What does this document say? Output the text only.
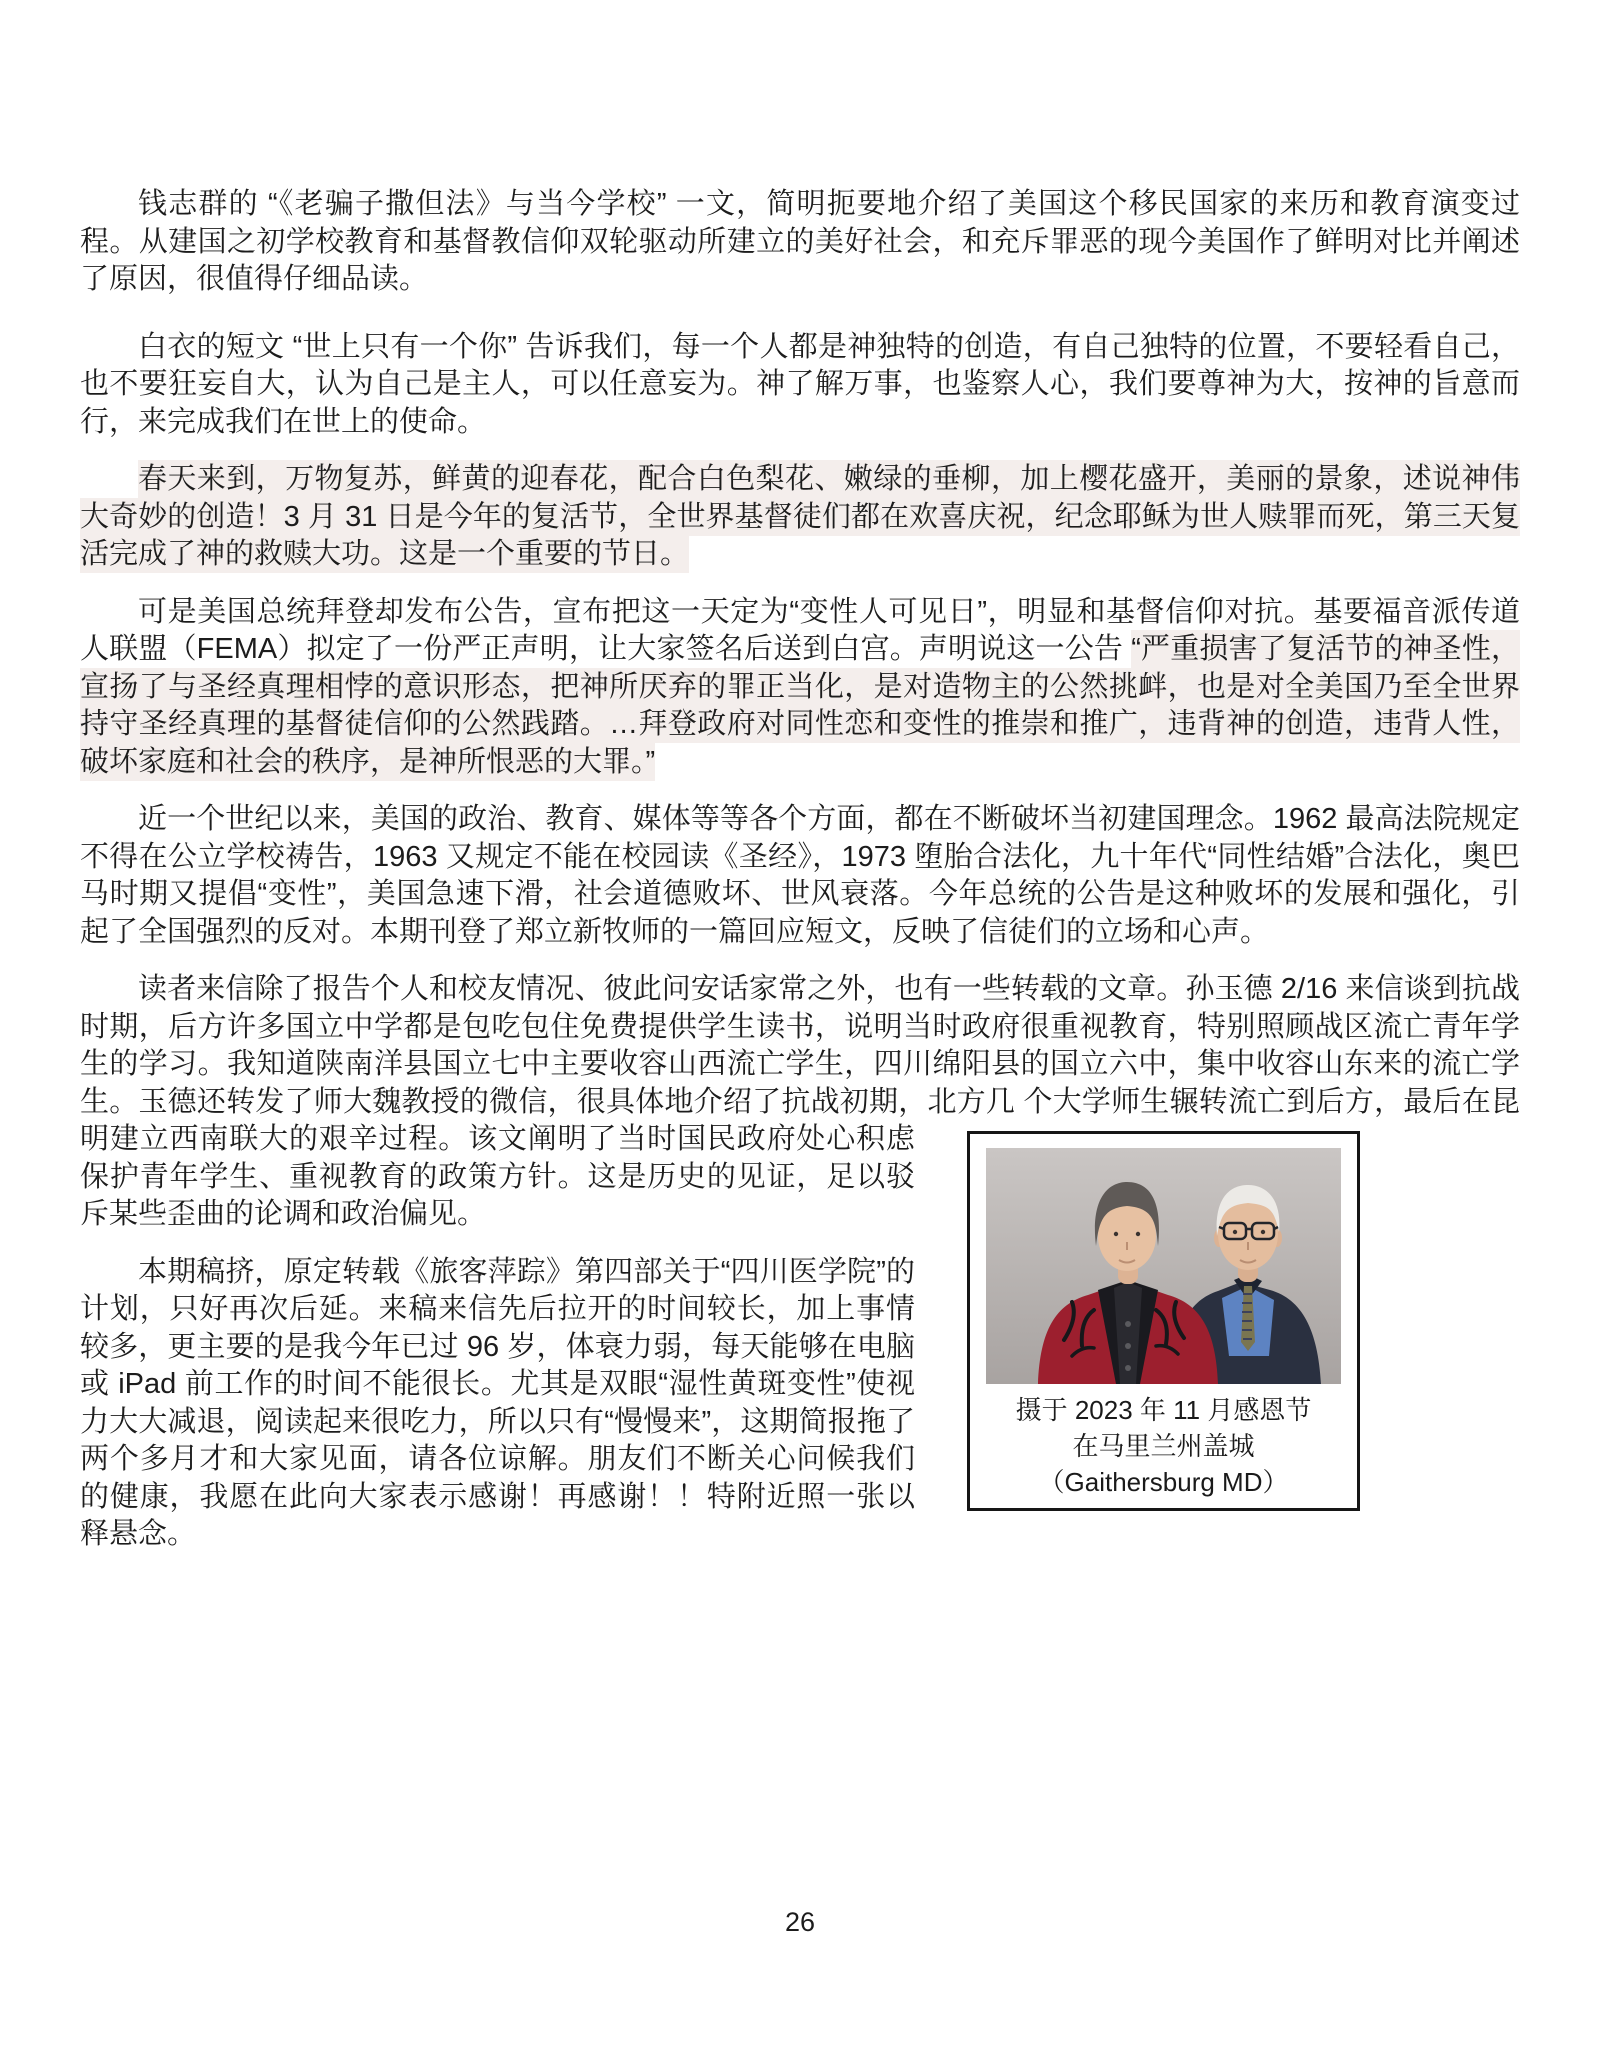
钱志群的 “《老骗子撒但法》与当今学校” 一文，简明扼要地介绍了美国这个移民国家的来历和教育演变过程。从建国之初学校教育和基督教信仰双轮驱动所建立的美好社会，和充斥罪恶的现今美国作了鲜明对比并阐述了原因，很值得仔细品读。

白衣的短文 “世上只有一个你” 告诉我们，每一个人都是神独特的创造，有自己独特的位置，不要轻看自己，也不要狂妄自大，认为自己是主人，可以任意妄为。神了解万事，也鉴察人心，我们要尊神为大，按神的旨意而行，来完成我们在世上的使命。

春天来到，万物复苏，鲜黄的迎春花，配合白色梨花、嫩绿的垂柳，加上樱花盛开，美丽的景象，述说神伟大奇妙的创造！3 月 31 日是今年的复活节，全世界基督徒们都在欢喜庆祝，纪念耶稣为世人赎罪而死，第三天复活完成了神的救赎大功。这是一个重要的节日。

可是美国总统拜登却发布公告，宣布把这一天定为“变性人可见日”，明显和基督信仰对抗。基要福音派传道人联盟（FEMA）拟定了一份严正声明，让大家签名后送到白宫。声明说这一公告 “严重损害了复活节的神圣性，宣扬了与圣经真理相悖的意识形态，把神所厌弃的罪正当化，是对造物主的公然挑衅，也是对全美国乃至全世界持守圣经真理的基督徒信仰的公然践踏。…拜登政府对同性恋和变性的推崇和推广，违背神的创造，违背人性，破坏家庭和社会的秩序，是神所恨恶的大罪。”

近一个世纪以来，美国的政治、教育、媒体等等各个方面，都在不断破坏当初建国理念。1962 最高法院规定不得在公立学校祷告，1963 又规定不能在校园读《圣经》，1973 堕胎合法化，九十年代“同性结婚”合法化，奥巴马时期又提倡“变性”，美国急速下滑，社会道德败坏、世风衰落。今年总统的公告是这种败坏的发展和强化，引起了全国强烈的反对。本期刊登了郑立新牧师的一篇回应短文，反映了信徒们的立场和心声。

读者来信除了报告个人和校友情况、彼此问安话家常之外，也有一些转载的文章。孙玉德 2/16 来信谈到抗战时期，后方许多国立中学都是包吃包住免费提供学生读书，说明当时政府很重视教育，特别照顾战区流亡青年学生的学习。我知道陕南洋县国立七中主要收容山西流亡学生，四川绵阳县的国立六中，集中收容山东来的流亡学生。玉德还转发了师大魏教授的微信，很具体地介绍了抗战初期，北方几
摄于 2023 年 11 月感恩节
在马里兰州盖城
（Gaithersburg MD）
个大学师生辗转流亡到后方，最后在昆明建立西南联大的艰辛过程。该文阐明了当时国民政府处心积虑保护青年学生、重视教育的政策方针。这是历史的见证，足以驳斥某些歪曲的论调和政治偏见。

本期稿挤，原定转载《旅客萍踪》第四部关于“四川医学院”的计划，只好再次后延。来稿来信先后拉开的时间较长，加上事情较多，更主要的是我今年已过 96 岁，体衰力弱，每天能够在电脑或 iPad 前工作的时间不能很长。尤其是双眼“湿性黄斑变性”使视力大大减退，阅读起来很吃力，所以只有“慢慢来”，这期简报拖了两个多月才和大家见面，请各位谅解。朋友们不断关心问候我们的健康，我愿在此向大家表示感谢！再感谢！！特附近照一张以释悬念。

26
